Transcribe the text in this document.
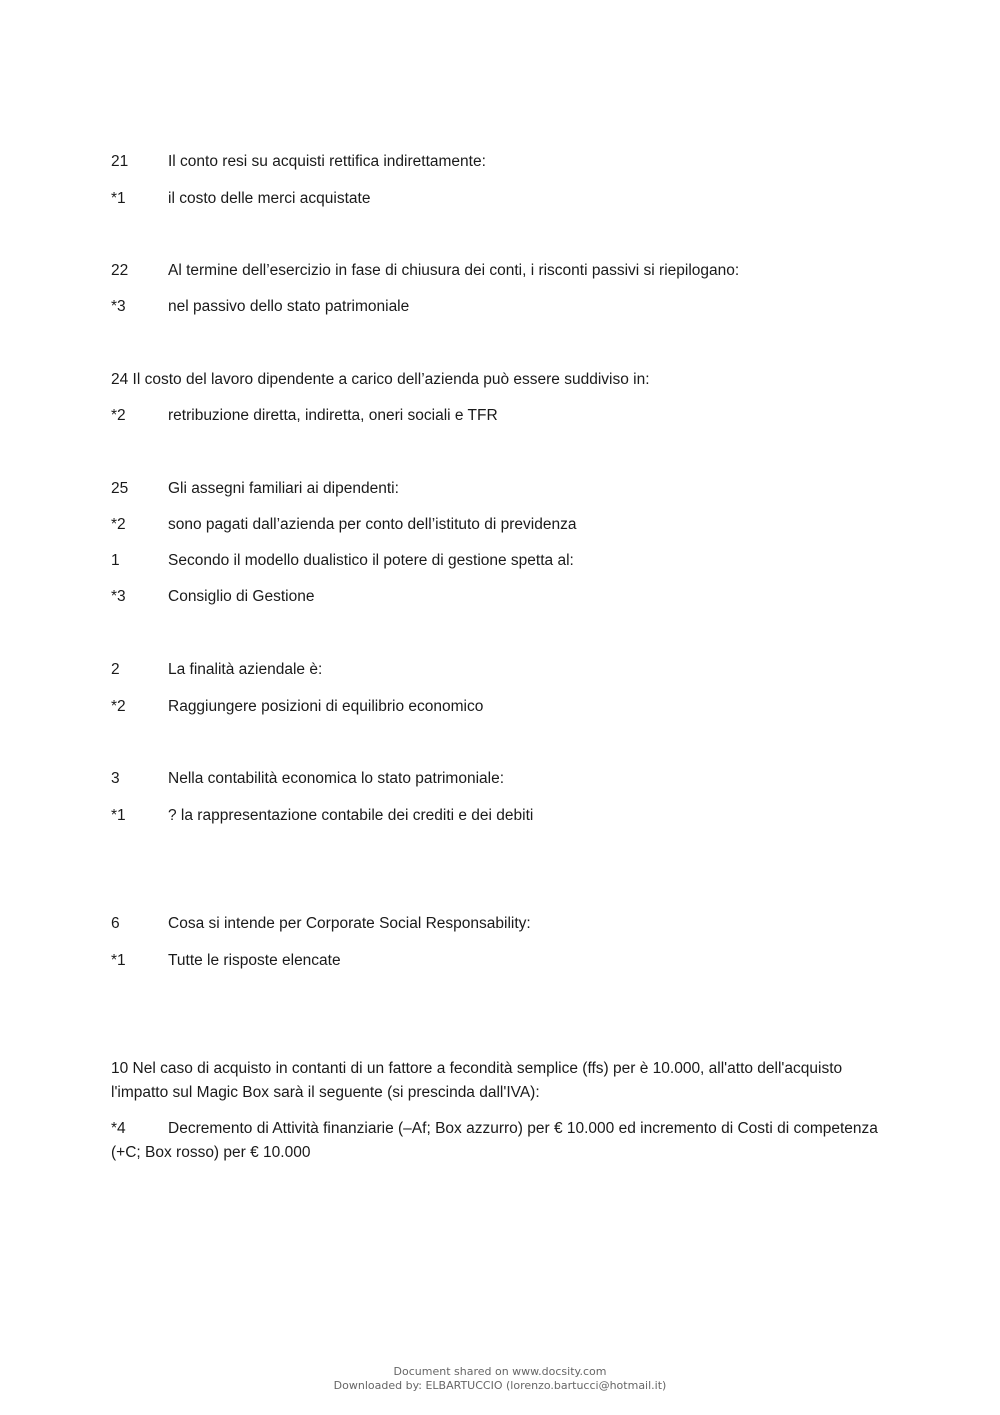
21	Il conto resi su acquisti rettifica indirettamente:
*1	il costo delle merci acquistate
22	Al termine dell’esercizio in fase di chiusura dei conti, i risconti passivi si riepilogano:
*3	nel passivo dello stato patrimoniale
24 Il costo del lavoro dipendente a carico dell’azienda può essere suddiviso in:
*2	retribuzione diretta, indiretta, oneri sociali e TFR
25	Gli assegni familiari ai dipendenti:
*2	sono pagati dall’azienda per conto dell’istituto di previdenza
1	Secondo il modello dualistico il potere di gestione spetta al:
*3	Consiglio di Gestione
2	La finalità aziendale è:
*2	Raggiungere posizioni di equilibrio economico
3	Nella contabilità economica lo stato patrimoniale:
*1	? la rappresentazione contabile dei crediti e dei debiti
6	Cosa si intende per Corporate Social Responsability:
*1	Tutte le risposte elencate
10 Nel caso di acquisto in contanti di un fattore a fecondità semplice (ffs) per è 10.000, all'atto dell'acquisto l'impatto sul Magic Box sarà il seguente (si prescinda dall'IVA):
*4	Decremento di Attività finanziarie (–Af; Box azzurro) per € 10.000 ed incremento di Costi di competenza (+C; Box rosso) per € 10.000
Document shared on www.docsity.com
Downloaded by: ELBARTUCCIO (lorenzo.bartucci@hotmail.it)
